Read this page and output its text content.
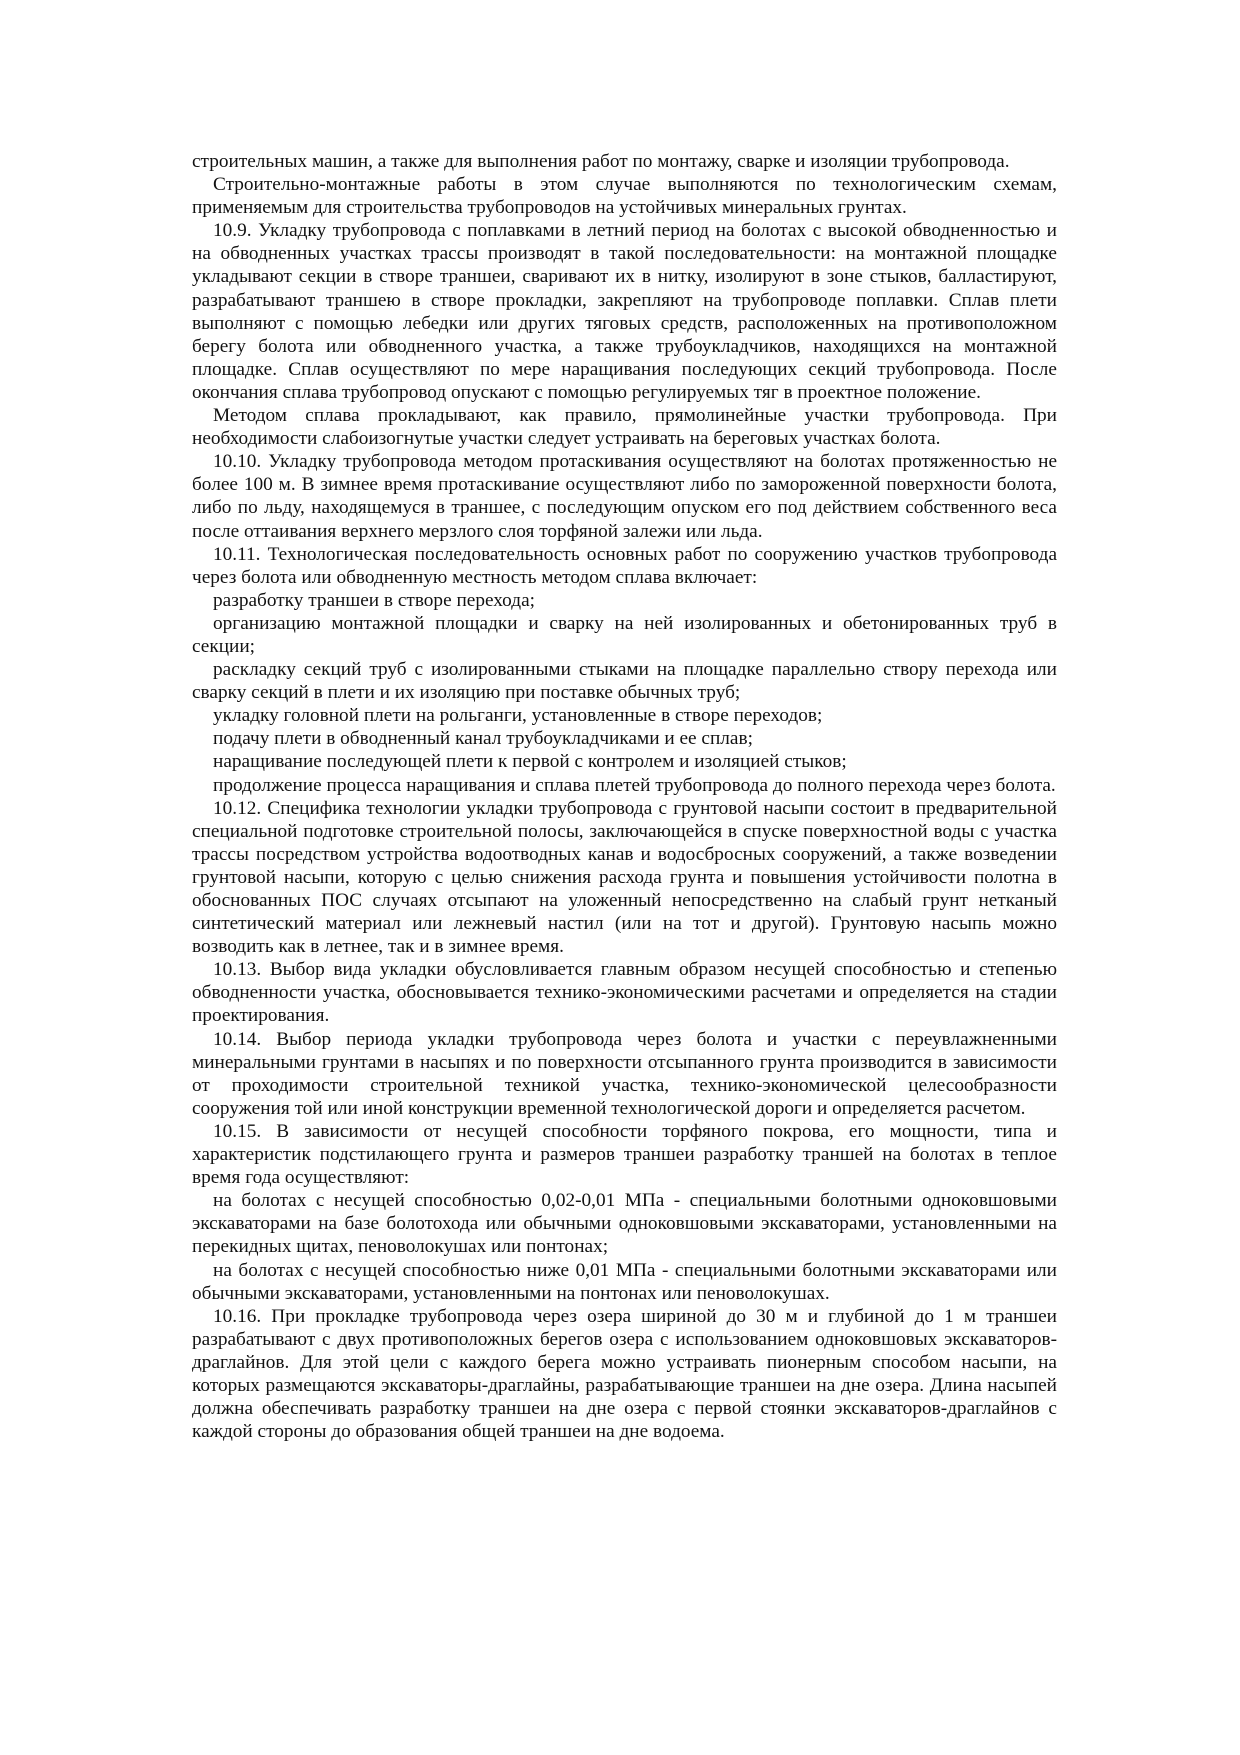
строительных машин, а также для выполнения работ по монтажу, сварке и изоляции трубопровода.

Строительно-монтажные работы в этом случае выполняются по технологическим схемам, применяемым для строительства трубопроводов на устойчивых минеральных грунтах.

10.9. Укладку трубопровода с поплавками в летний период на болотах с высокой обводненностью и на обводненных участках трассы производят в такой последовательности: на монтажной площадке укладывают секции в створе траншеи, сваривают их в нитку, изолируют в зоне стыков, балластируют, разрабатывают траншею в створе прокладки, закрепляют на трубопроводе поплавки. Сплав плети выполняют с помощью лебедки или других тяговых средств, расположенных на противоположном берегу болота или обводненного участка, а также трубоукладчиков, находящихся на монтажной площадке. Сплав осуществляют по мере наращивания последующих секций трубопровода. После окончания сплава трубопровод опускают с помощью регулируемых тяг в проектное положение.

Методом сплава прокладывают, как правило, прямолинейные участки трубопровода. При необходимости слабоизогнутые участки следует устраивать на береговых участках болота.

10.10. Укладку трубопровода методом протаскивания осуществляют на болотах протяженностью не более 100 м. В зимнее время протаскивание осуществляют либо по замороженной поверхности болота, либо по льду, находящемуся в траншее, с последующим опуском его под действием собственного веса после оттаивания верхнего мерзлого слоя торфяной залежи или льда.

10.11. Технологическая последовательность основных работ по сооружению участков трубопровода через болота или обводненную местность методом сплава включает:

разработку траншеи в створе перехода;

организацию монтажной площадки и сварку на ней изолированных и обетонированных труб в секции;

раскладку секций труб с изолированными стыками на площадке параллельно створу перехода или сварку секций в плети и их изоляцию при поставке обычных труб;

укладку головной плети на рольганги, установленные в створе переходов;

подачу плети в обводненный канал трубоукладчиками и ее сплав;

наращивание последующей плети к первой с контролем и изоляцией стыков;

продолжение процесса наращивания и сплава плетей трубопровода до полного перехода через болота.

10.12. Специфика технологии укладки трубопровода с грунтовой насыпи состоит в предварительной специальной подготовке строительной полосы, заключающейся в спуске поверхностной воды с участка трассы посредством устройства водоотводных канав и водосбросных сооружений, а также возведении грунтовой насыпи, которую с целью снижения расхода грунта и повышения устойчивости полотна в обоснованных ПОС случаях отсыпают на уложенный непосредственно на слабый грунт нетканый синтетический материал или лежневый настил (или на тот и другой). Грунтовую насыпь можно возводить как в летнее, так и в зимнее время.

10.13. Выбор вида укладки обусловливается главным образом несущей способностью и степенью обводненности участка, обосновывается технико-экономическими расчетами и определяется на стадии проектирования.

10.14. Выбор периода укладки трубопровода через болота и участки с переувлажненными минеральными грунтами в насыпях и по поверхности отсыпанного грунта производится в зависимости от проходимости строительной техникой участка, технико-экономической целесообразности сооружения той или иной конструкции временной технологической дороги и определяется расчетом.

10.15. В зависимости от несущей способности торфяного покрова, его мощности, типа и характеристик подстилающего грунта и размеров траншеи разработку траншей на болотах в теплое время года осуществляют:

на болотах с несущей способностью 0,02-0,01 МПа - специальными болотными одноковшовыми экскаваторами на базе болотохода или обычными одноковшовыми экскаваторами, установленными на перекидных щитах, пеноволокушах или понтонах;

на болотах с несущей способностью ниже 0,01 МПа - специальными болотными экскаваторами или обычными экскаваторами, установленными на понтонах или пеноволокушах.

10.16. При прокладке трубопровода через озера шириной до 30 м и глубиной до 1 м траншеи разрабатывают с двух противоположных берегов озера с использованием одноковшовых экскаваторов-драглайнов. Для этой цели с каждого берега можно устраивать пионерным способом насыпи, на которых размещаются экскаваторы-драглайны, разрабатывающие траншеи на дне озера. Длина насыпей должна обеспечивать разработку траншеи на дне озера с первой стоянки экскаваторов-драглайнов с каждой стороны до образования общей траншеи на дне водоема.
